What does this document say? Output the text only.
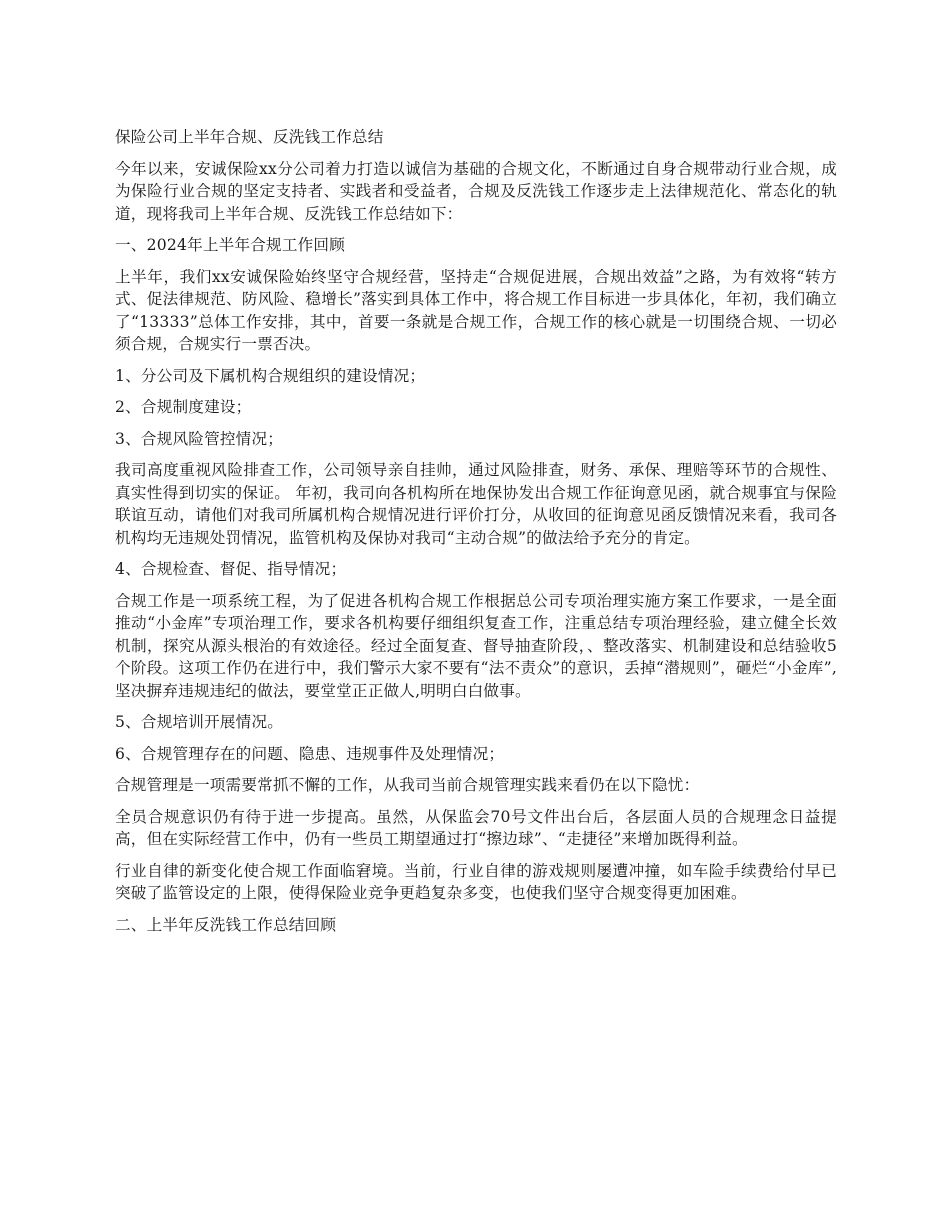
保险公司上半年合规、反洗钱工作总结

今年以来，安诚保险xx分公司着力打造以诚信为基础的合规文化，不断通过自身合规带动行业合规，成为保险行业合规的坚定支持者、实践者和受益者，合规及反洗钱工作逐步走上法律规范化、常态化的轨道，现将我司上半年合规、反洗钱工作总结如下：

一、2024年上半年合规工作回顾

上半年，我们xx安诚保险始终坚守合规经营，坚持走“合规促进展，合规出效益”之路，为有效将“转方式、促法律规范、防风险、稳增长”落实到具体工作中，将合规工作目标进一步具体化，年初，我们确立了“13333”总体工作安排，其中，首要一条就是合规工作，合规工作的核心就是一切围绕合规、一切必须合规，合规实行一票否决。

1、分公司及下属机构合规组织的建设情况；

2、合规制度建设；

3、合规风险管控情况；

我司高度重视风险排查工作，公司领导亲自挂帅，通过风险排查，财务、承保、理赔等环节的合规性、真实性得到切实的保证。 年初，我司向各机构所在地保协发出合规工作征询意见函，就合规事宜与保险联谊互动，请他们对我司所属机构合规情况进行评价打分，从收回的征询意见函反馈情况来看，我司各机构均无违规处罚情况，监管机构及保协对我司“主动合规”的做法给予充分的肯定。

4、合规检查、督促、指导情况；

合规工作是一项系统工程，为了促进各机构合规工作根据总公司专项治理实施方案工作要求，一是全面推动“小金库”专项治理工作，要求各机构要仔细组织复查工作，注重总结专项治理经验，建立健全长效机制，探究从源头根治的有效途径。经过全面复查、督导抽查阶段，、整改落实、机制建设和总结验收5个阶段。这项工作仍在进行中，我们警示大家不要有“法不责众”的意识，丢掉“潜规则”，砸烂“小金库”,坚决摒弃违规违纪的做法，要堂堂正正做人,明明白白做事。

5、合规培训开展情况。

6、合规管理存在的问题、隐患、违规事件及处理情况；

合规管理是一项需要常抓不懈的工作，从我司当前合规管理实践来看仍在以下隐忧：

全员合规意识仍有待于进一步提高。虽然，从保监会70号文件出台后，各层面人员的合规理念日益提高，但在实际经营工作中，仍有一些员工期望通过打“擦边球”、“走捷径”来增加既得利益。

行业自律的新变化使合规工作面临窘境。当前，行业自律的游戏规则屡遭冲撞，如车险手续费给付早已突破了监管设定的上限，使得保险业竞争更趋复杂多变，也使我们坚守合规变得更加困难。

二、上半年反洗钱工作总结回顾
